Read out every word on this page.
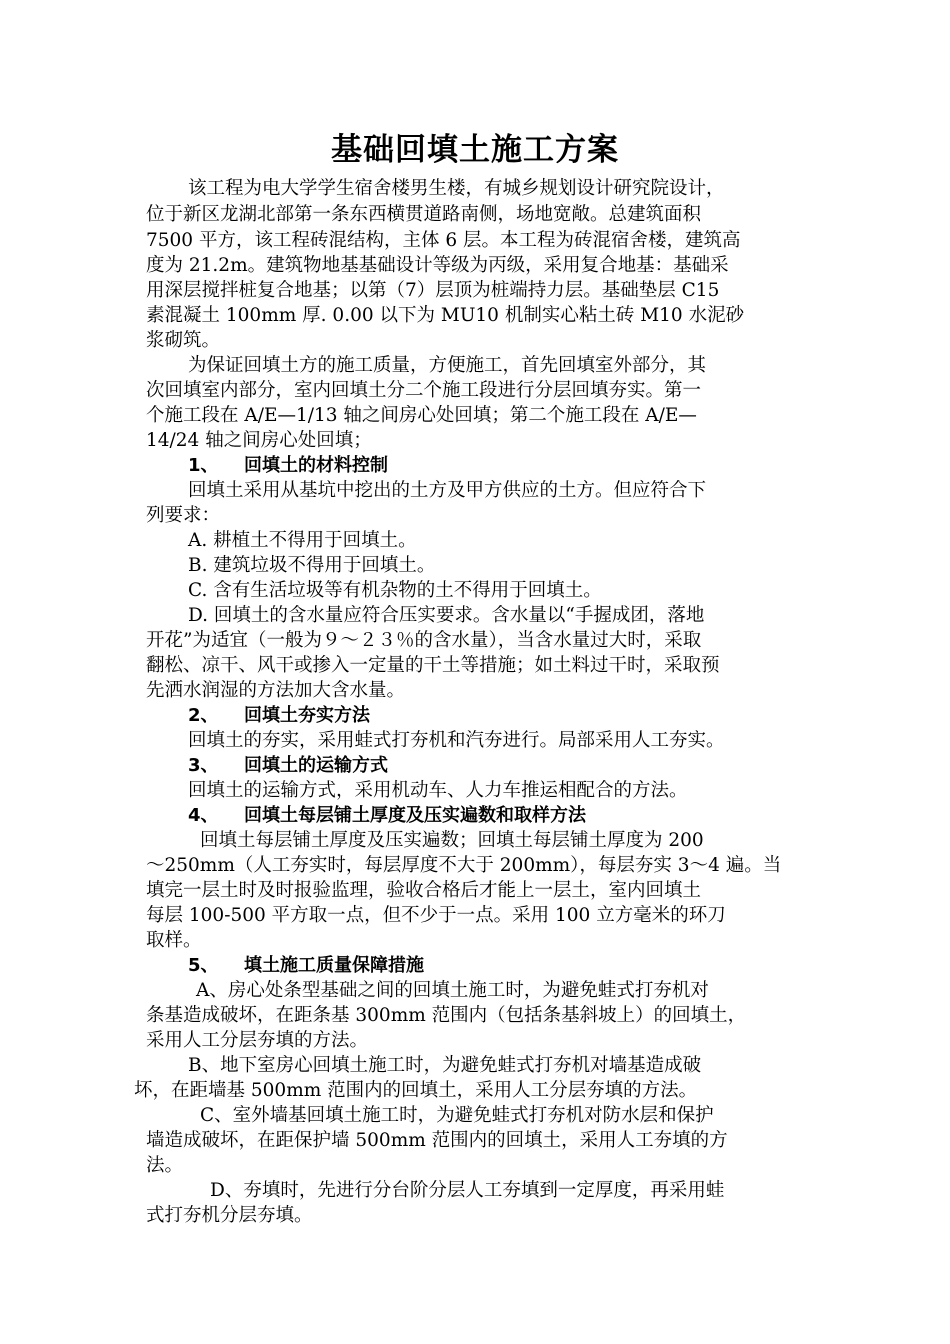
基础回填土施工方案
该工程为电大学学生宿舍楼男生楼，有城乡规划设计研究院设计，
位于新区龙湖北部第一条东西横贯道路南侧，场地宽敞。总建筑面积
7500 平方，该工程砖混结构，主体 6 层。本工程为砖混宿舍楼，建筑高
度为 21.2m。建筑物地基基础设计等级为丙级，采用复合地基：基础采
用深层搅拌桩复合地基；以第（7）层顶为桩端持力层。基础垫层 C15
素混凝土 100mm 厚. 0.00 以下为 MU10 机制实心粘土砖 M10 水泥砂
浆砌筑。
为保证回填土方的施工质量，方便施工，首先回填室外部分，其
次回填室内部分，室内回填土分二个施工段进行分层回填夯实。第一
个施工段在 A/E—1/13 轴之间房心处回填；第二个施工段在 A/E—
14/24 轴之间房心处回填；
1、 回填土的材料控制
回填土采用从基坑中挖出的土方及甲方供应的土方。但应符合下
列要求：
A. 耕植土不得用于回填土。
B. 建筑垃圾不得用于回填土。
C. 含有生活垃圾等有机杂物的土不得用于回填土。
D. 回填土的含水量应符合压实要求。含水量以“手握成团，落地
开花”为适宜（一般为９～２３％的含水量），当含水量过大时，采取
翻松、凉干、风干或掺入一定量的干土等措施；如土料过干时，采取预
先洒水润湿的方法加大含水量。
2、 回填土夯实方法
回填土的夯实，采用蛙式打夯机和汽夯进行。局部采用人工夯实。
3、 回填土的运输方式
回填土的运输方式，采用机动车、人力车推运相配合的方法。
4、 回填土每层铺土厚度及压实遍数和取样方法
回填土每层铺土厚度及压实遍数；回填土每层铺土厚度为 200
～250mm（人工夯实时，每层厚度不大于 200mm），每层夯实 3～4 遍。当
填完一层土时及时报验监理，验收合格后才能上一层土，室内回填土
每层 100-500 平方取一点，但不少于一点。采用 100 立方毫米的环刀
取样。
5、 填土施工质量保障措施
A、房心处条型基础之间的回填土施工时，为避免蛙式打夯机对
条基造成破坏，在距条基 300mm 范围内（包括条基斜坡上）的回填土，
采用人工分层夯填的方法。
B、地下室房心回填土施工时，为避免蛙式打夯机对墙基造成破
坏，在距墙基 500mm 范围内的回填土，采用人工分层夯填的方法。
C、室外墙基回填土施工时，为避免蛙式打夯机对防水层和保护
墙造成破坏，在距保护墙 500mm 范围内的回填土，采用人工夯填的方
法。
D、夯填时，先进行分台阶分层人工夯填到一定厚度，再采用蛙
式打夯机分层夯填。
